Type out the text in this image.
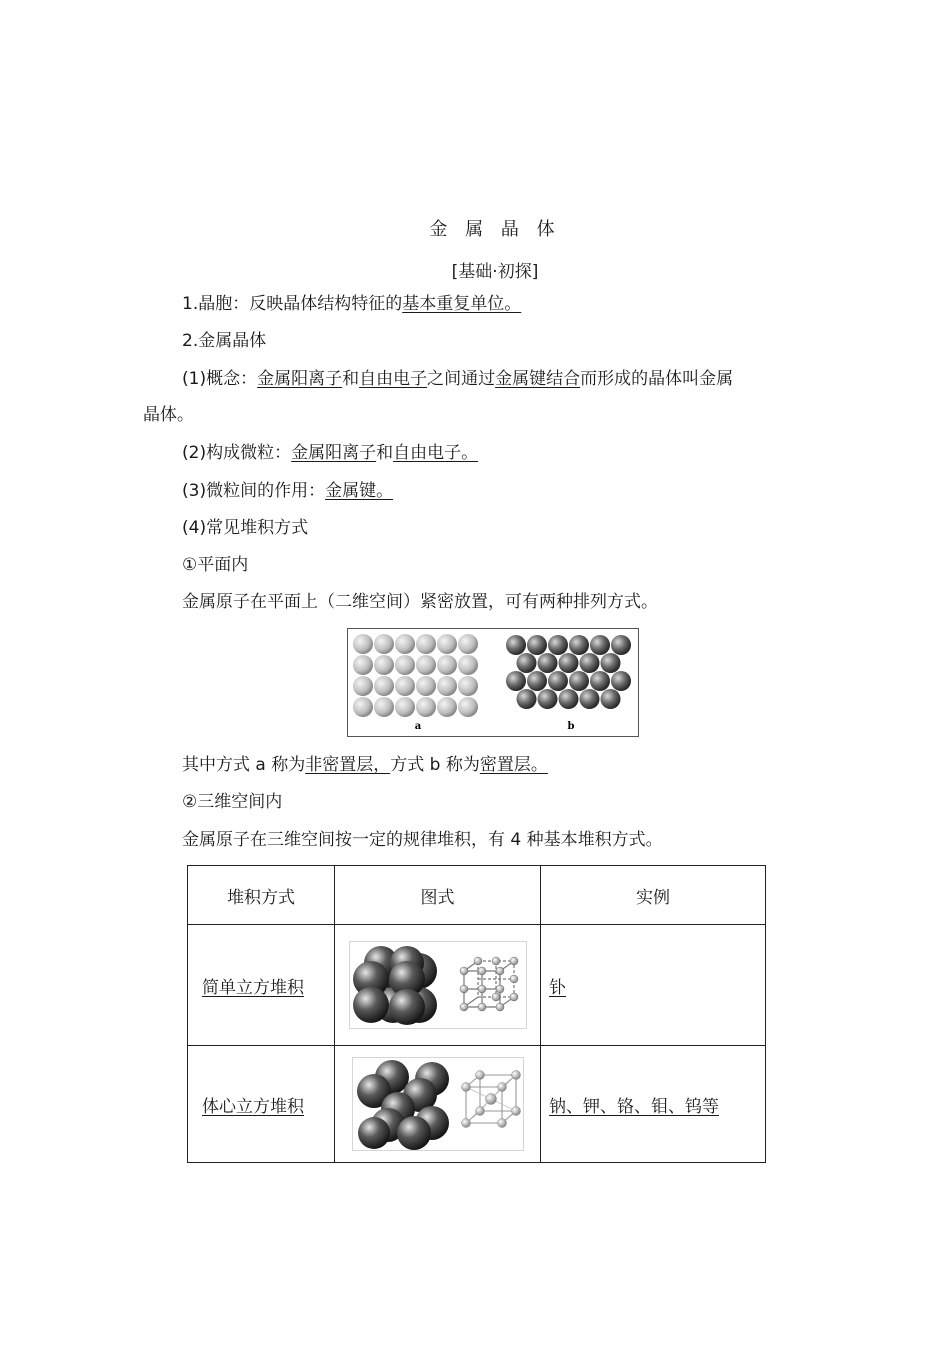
金 属 晶 体
[基础·初探]
1.晶胞：反映晶体结构特征的基本重复单位。
2.金属晶体
(1)概念：金属阳离子和自由电子之间通过金属键结合而形成的晶体叫金属
晶体。
(2)构成微粒：金属阳离子和自由电子。
(3)微粒间的作用：金属键。
(4)常见堆积方式
①平面内
金属原子在平面上（二维空间）紧密放置，可有两种排列方式。
a	b
其中方式 a 称为非密置层，方式 b 称为密置层。
②三维空间内
金属原子在三维空间按一定的规律堆积，有 4 种基本堆积方式。
堆积方式	图式	实例
简单立方堆积		钋
体心立方堆积		钠、钾、铬、钼、钨等
